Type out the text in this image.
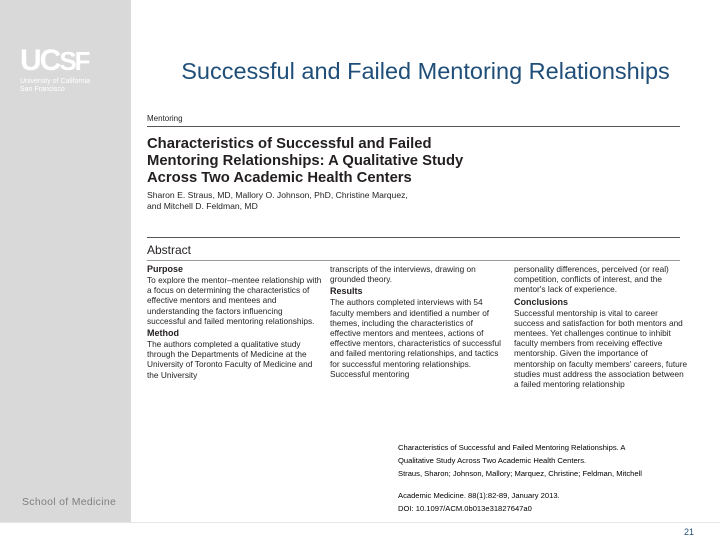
UCSF
University of California
San Francisco
School of Medicine
Successful and Failed Mentoring Relationships
Mentoring
Characteristics of Successful and Failed
Mentoring Relationships: A Qualitative Study
Across Two Academic Health Centers
Sharon E. Straus, MD, Mallory O. Johnson, PhD, Christine Marquez,
and Mitchell D. Feldman, MD
Abstract
Purpose

To explore the mentor–mentee relationship with a focus on determining the characteristics of effective mentors and mentees and understanding the factors influencing successful and failed mentoring relationships.

Method

The authors completed a qualitative study through the Departments of Medicine at the University of Toronto Faculty of Medicine and the University

transcripts of the interviews, drawing on grounded theory.

Results

The authors completed interviews with 54 faculty members and identified a number of themes, including the characteristics of effective mentors and mentees, actions of effective mentors, characteristics of successful and failed mentoring relationships, and tactics for successful mentoring relationships. Successful mentoring

personality differences, perceived (or real) competition, conflicts of interest, and the mentor's lack of experience.

Conclusions

Successful mentorship is vital to career success and satisfaction for both mentors and mentees. Yet challenges continue to inhibit faculty members from receiving effective mentorship. Given the importance of mentorship on faculty members' careers, future studies must address the association between a failed mentoring relationship

Characteristics of Successful and Failed Mentoring Relationships. A
Qualitative Study Across Two Academic Health Centers.
Straus, Sharon; Johnson, Mallory; Marquez, Christine; Feldman, Mitchell
Academic Medicine. 88(1):82-89, January 2013.
DOI: 10.1097/ACM.0b013e31827647a0
21
